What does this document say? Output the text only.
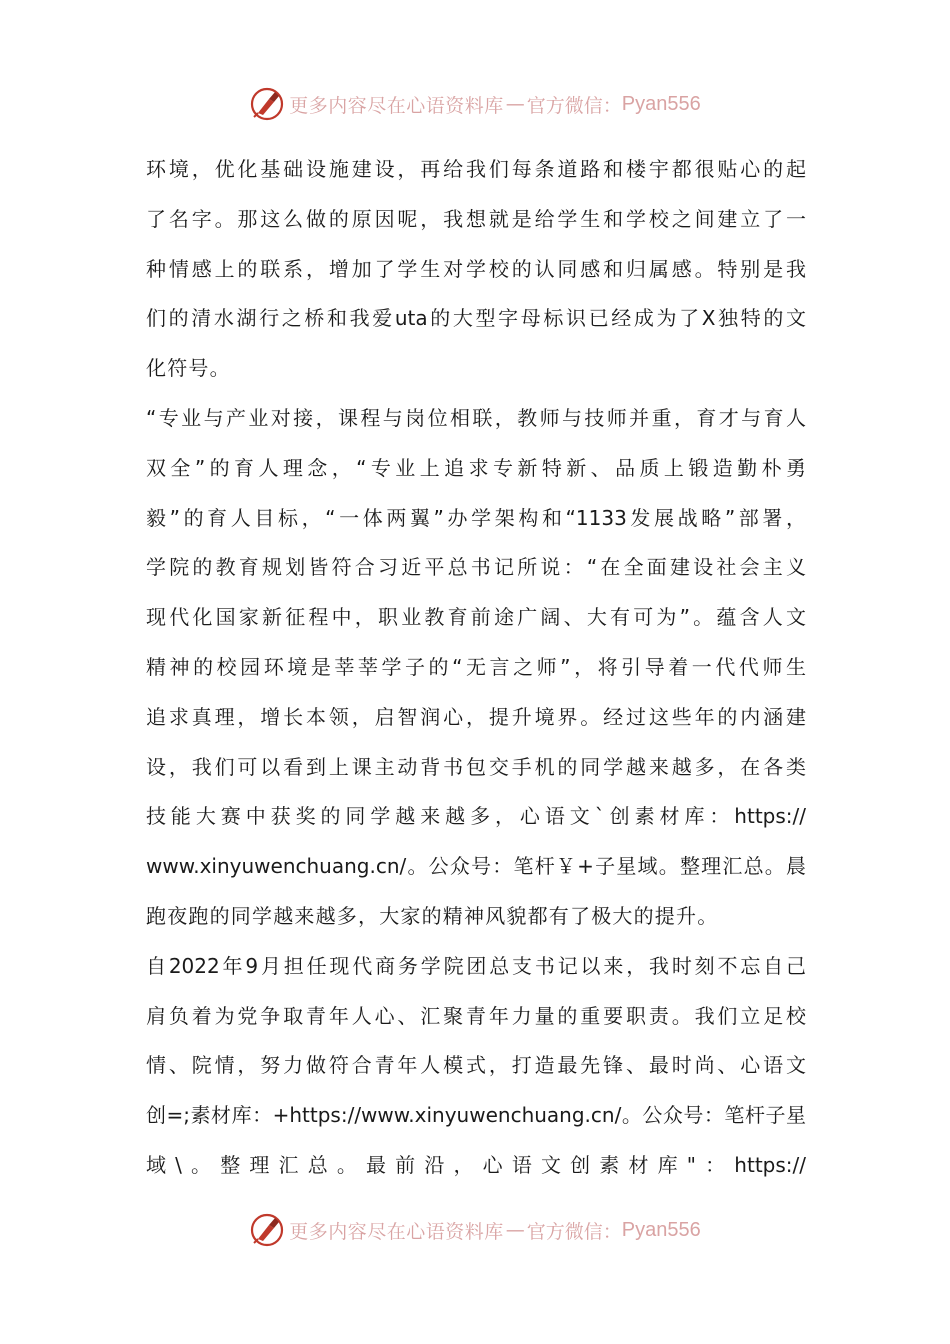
更多内容尽在心语资料库 — 官方微信： Pyan556
环境，优化基础设施建设，再给我们每条道路和楼宇都很贴心的起
了名字。那这么做的原因呢，我想就是给学生和学校之间建立了一
种情感上的联系，增加了学生对学校的认同感和归属感。特别是我
们的清水湖行之桥和我爱uta的大型字母标识已经成为了X独特的文
化符号。
“专业与产业对接，课程与岗位相联，教师与技师并重，育才与育人
双全”的育人理念，“专业上追求专新特新、品质上锻造勤朴勇
毅”的育人目标，“一体两翼”办学架构和“1133发展战略”部署，
学院的教育规划皆符合习近平总书记所说：“在全面建设社会主义
现代化国家新征程中，职业教育前途广阔、大有可为”。蕴含人文
精神的校园环境是莘莘学子的“无言之师”，将引导着一代代师生
追求真理，增长本领，启智润心，提升境界。经过这些年的内涵建
设，我们可以看到上课主动背书包交手机的同学越来越多，在各类
技能大赛中获奖的同学越来越多，心语文`创素材库：https://
www.xinyuwenchuang.cn/。公众号：笔杆￥+子星域。整理汇总。晨
跑夜跑的同学越来越多，大家的精神风貌都有了极大的提升。
自2022年9月担任现代商务学院团总支书记以来，我时刻不忘自己
肩负着为党争取青年人心、汇聚青年力量的重要职责。我们立足校
情、院情，努力做符合青年人模式，打造最先锋、最时尚、心语文
创=;素材库：+https://www.xinyuwenchuang.cn/。公众号：笔杆子星
域\。整理汇总。最前沿，心语文创素材库"：https://
更多内容尽在心语资料库 — 官方微信： Pyan556
